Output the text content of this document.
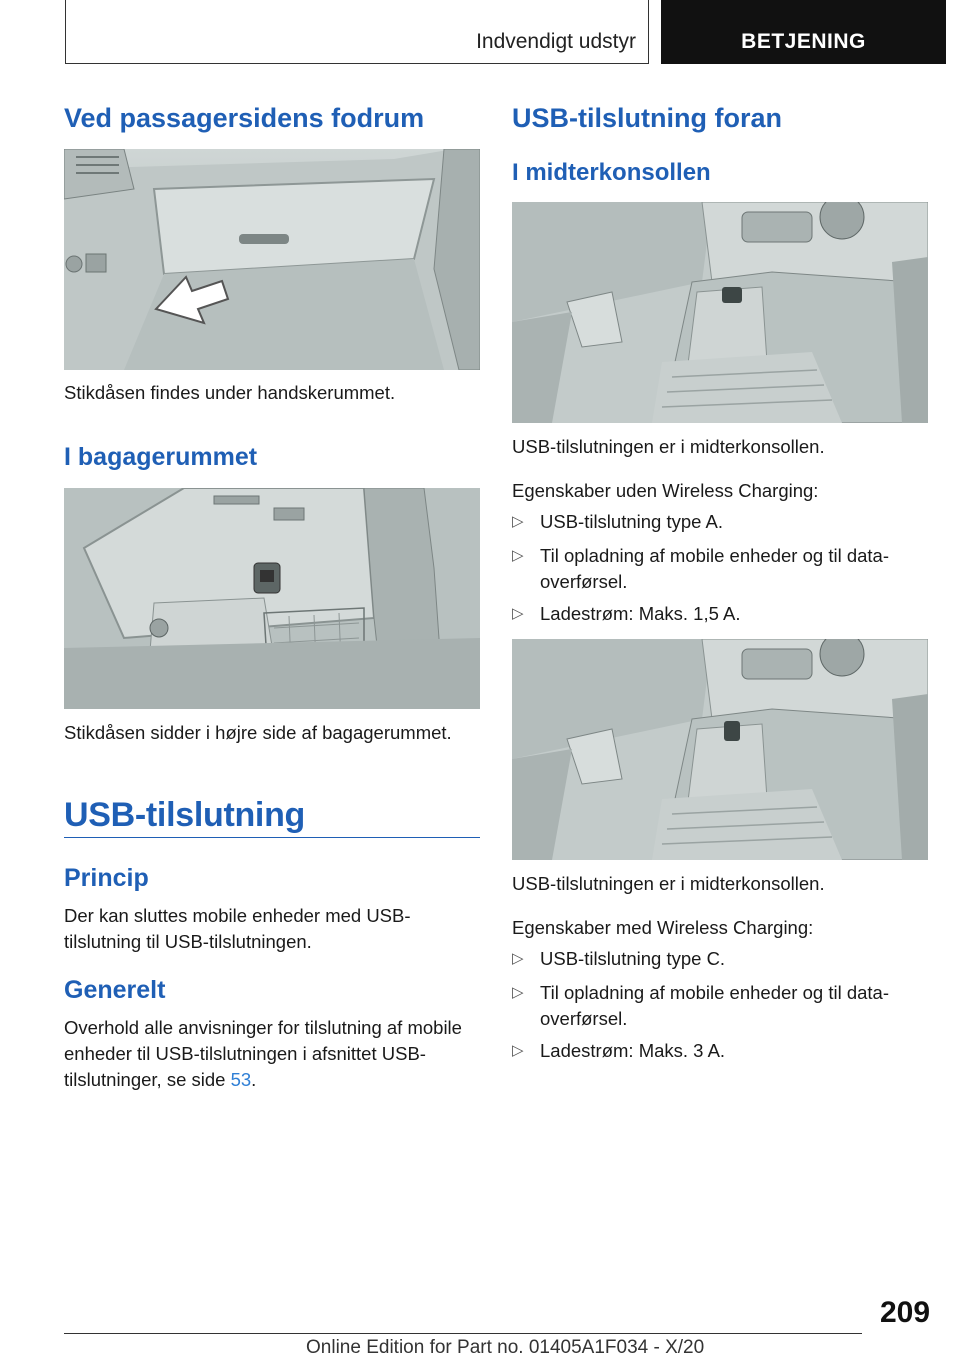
Indvendigt udstyr	BETJENING
Ved passagersidens fodrum

Stikdåsen findes under handskerummet.

I bagagerummet

Stikdåsen sidder i højre side af bagagerummet.

USB-tilslutning
Princip

Der kan sluttes mobile enheder med USB-tilslutning til USB-tilslutningen.

Generelt

Overhold alle anvisninger for tilslutning af mobile enheder til USB-tilslutningen i afsnittet USB-tilslutninger, se side 53.

USB-tilslutning foran
I midterkonsollen

USB-tilslutningen er i midterkonsollen.

Egenskaber uden Wireless Charging:

▷ USB-tilslutning type A.
▷ Til opladning af mobile enheder og til data-overførsel.
▷ Ladestrøm: Maks. 1,5 A.

USB-tilslutningen er i midterkonsollen.

Egenskaber med Wireless Charging:

▷ USB-tilslutning type C.
▷ Til opladning af mobile enheder og til data-overførsel.
▷ Ladestrøm: Maks. 3 A.
209
Online Edition for Part no. 01405A1F034 - X/20
